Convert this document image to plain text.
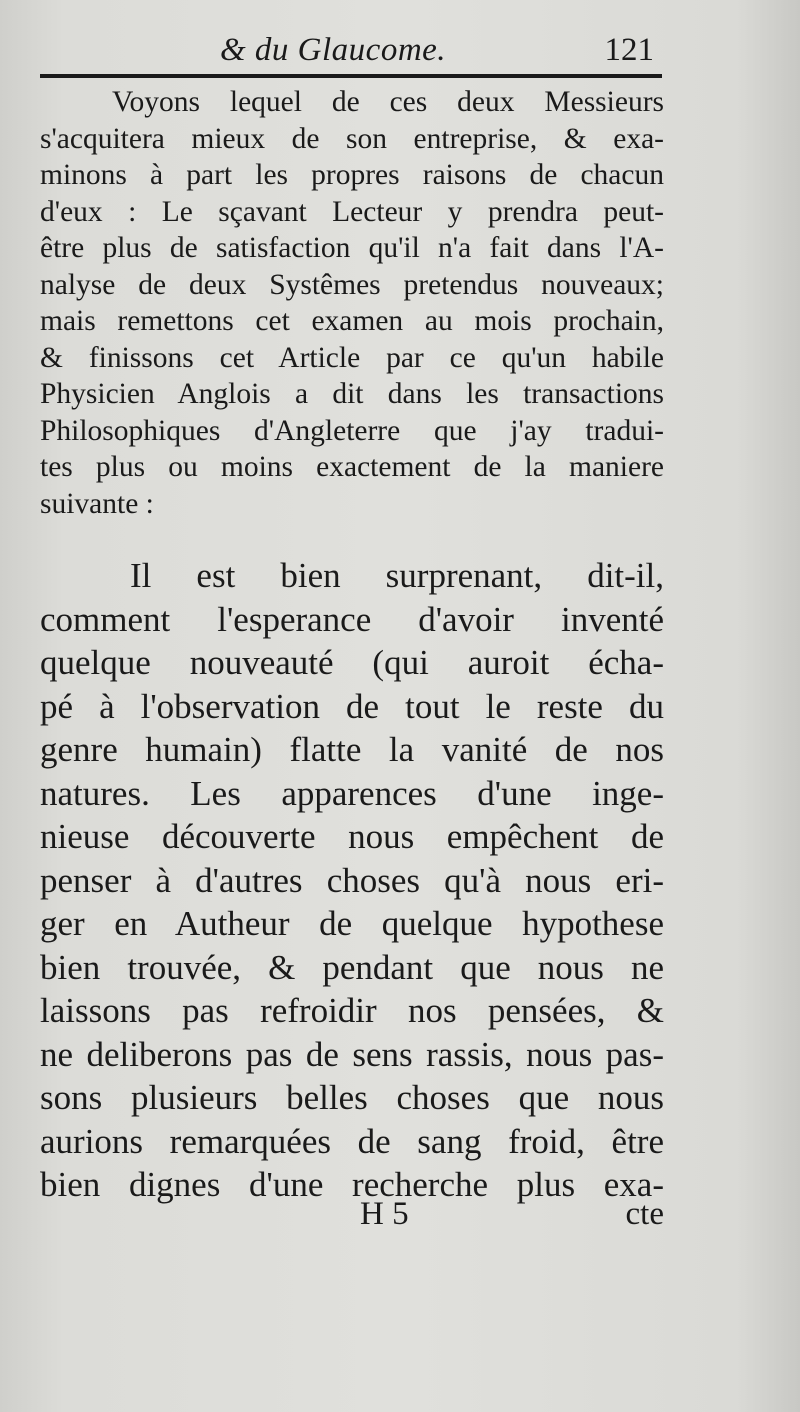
& du Glaucome.	121

Voyons lequel de ces deux Messieurs
s'acquitera mieux de son entreprise, & exa-
minons à part les propres raisons de chacun
d'eux : Le sçavant Lecteur y prendra peut-
être plus de satisfaction qu'il n'a fait dans l'A-
nalyse de deux Systêmes pretendus nouveaux;
mais remettons cet examen au mois prochain,
& finissons cet Article par ce qu'un habile
Physicien Anglois a dit dans les transactions
Philosophiques d'Angleterre que j'ay tradui-
tes plus ou moins exactement de la maniere
suivante :

Il est bien surprenant, dit-il,
comment l'esperance d'avoir inventé
quelque nouveauté (qui auroit écha-
pé à l'observation de tout le reste du
genre humain) flatte la vanité de nos
natures. Les apparences d'une inge-
nieuse découverte nous empêchent de
penser à d'autres choses qu'à nous eri-
ger en Autheur de quelque hypothese
bien trouvée, & pendant que nous ne
laissons pas refroidir nos pensées, &
ne deliberons pas de sens rassis, nous pas-
sons plusieurs belles choses que nous
aurions remarquées de sang froid, être
bien dignes d'une recherche plus exa-

H 5	cte
